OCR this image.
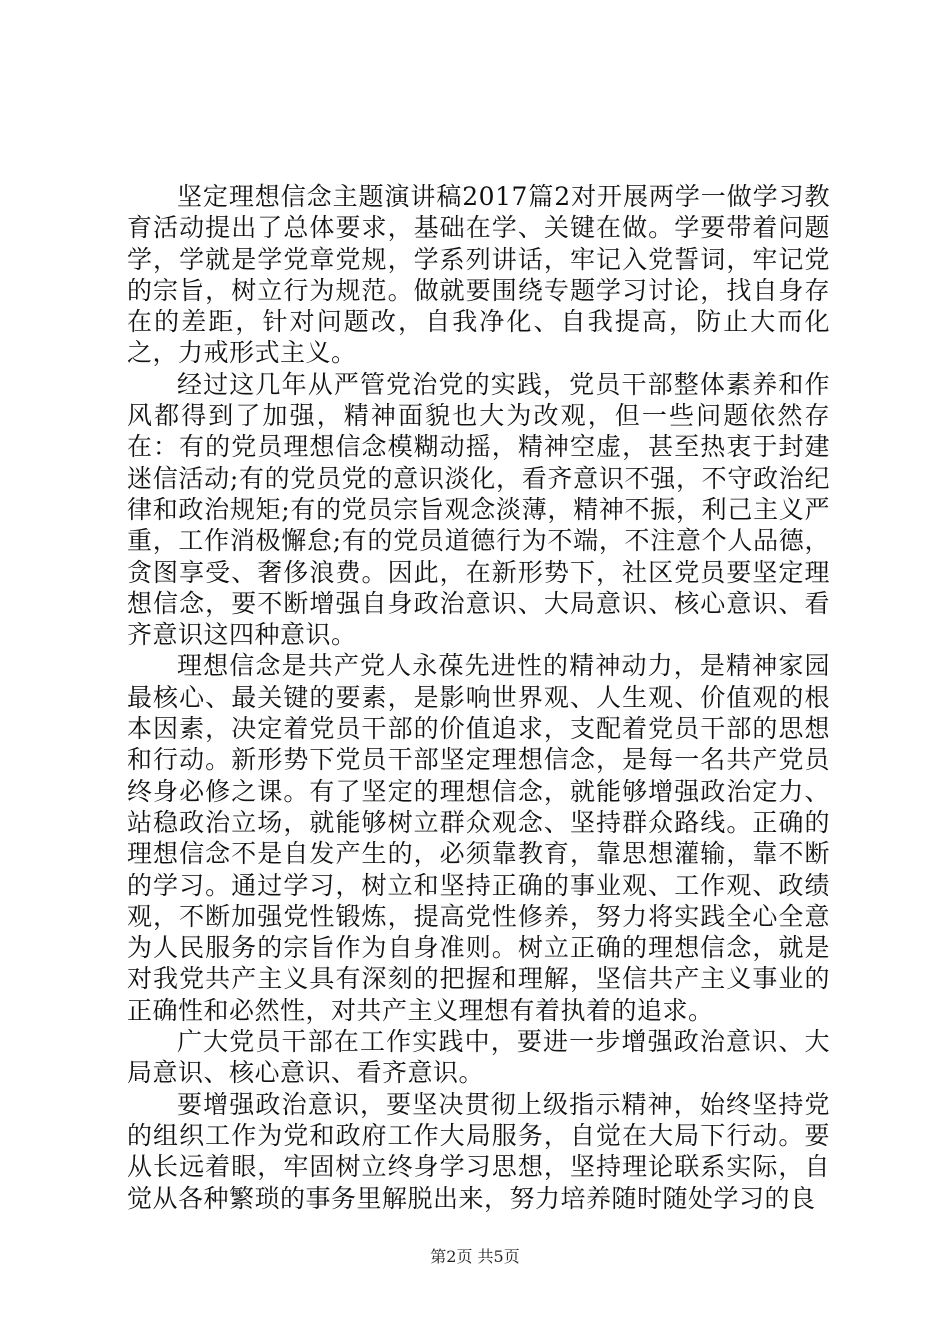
坚定理想信念主题演讲稿2017篇2对开展两学一做学习教育活动提出了总体要求，基础在学、关键在做。学要带着问题学，学就是学党章党规，学系列讲话，牢记入党誓词，牢记党的宗旨，树立行为规范。做就要围绕专题学习讨论，找自身存在的差距，针对问题改，自我净化、自我提高，防止大而化之，力戒形式主义。

经过这几年从严管党治党的实践，党员干部整体素养和作风都得到了加强，精神面貌也大为改观，但一些问题依然存在：有的党员理想信念模糊动摇，精神空虚，甚至热衷于封建迷信活动;有的党员党的意识淡化，看齐意识不强，不守政治纪律和政治规矩;有的党员宗旨观念淡薄，精神不振，利己主义严重，工作消极懈怠;有的党员道德行为不端，不注意个人品德，贪图享受、奢侈浪费。因此，在新形势下，社区党员要坚定理想信念，要不断增强自身政治意识、大局意识、核心意识、看齐意识这四种意识。

理想信念是共产党人永葆先进性的精神动力，是精神家园最核心、最关键的要素，是影响世界观、人生观、价值观的根本因素，决定着党员干部的价值追求，支配着党员干部的思想和行动。新形势下党员干部坚定理想信念，是每一名共产党员终身必修之课。有了坚定的理想信念，就能够增强政治定力、站稳政治立场，就能够树立群众观念、坚持群众路线。正确的理想信念不是自发产生的，必须靠教育，靠思想灌输，靠不断的学习。通过学习，树立和坚持正确的事业观、工作观、政绩观，不断加强党性锻炼，提高党性修养，努力将实践全心全意为人民服务的宗旨作为自身准则。树立正确的理想信念，就是对我党共产主义具有深刻的把握和理解，坚信共产主义事业的正确性和必然性，对共产主义理想有着执着的追求。

广大党员干部在工作实践中，要进一步增强政治意识、大局意识、核心意识、看齐意识。

要增强政治意识，要坚决贯彻上级指示精神，始终坚持党的组织工作为党和政府工作大局服务，自觉在大局下行动。要从长远着眼，牢固树立终身学习思想，坚持理论联系实际，自觉从各种繁琐的事务里解脱出来，努力培养随时随处学习的良

第2页 共5页
